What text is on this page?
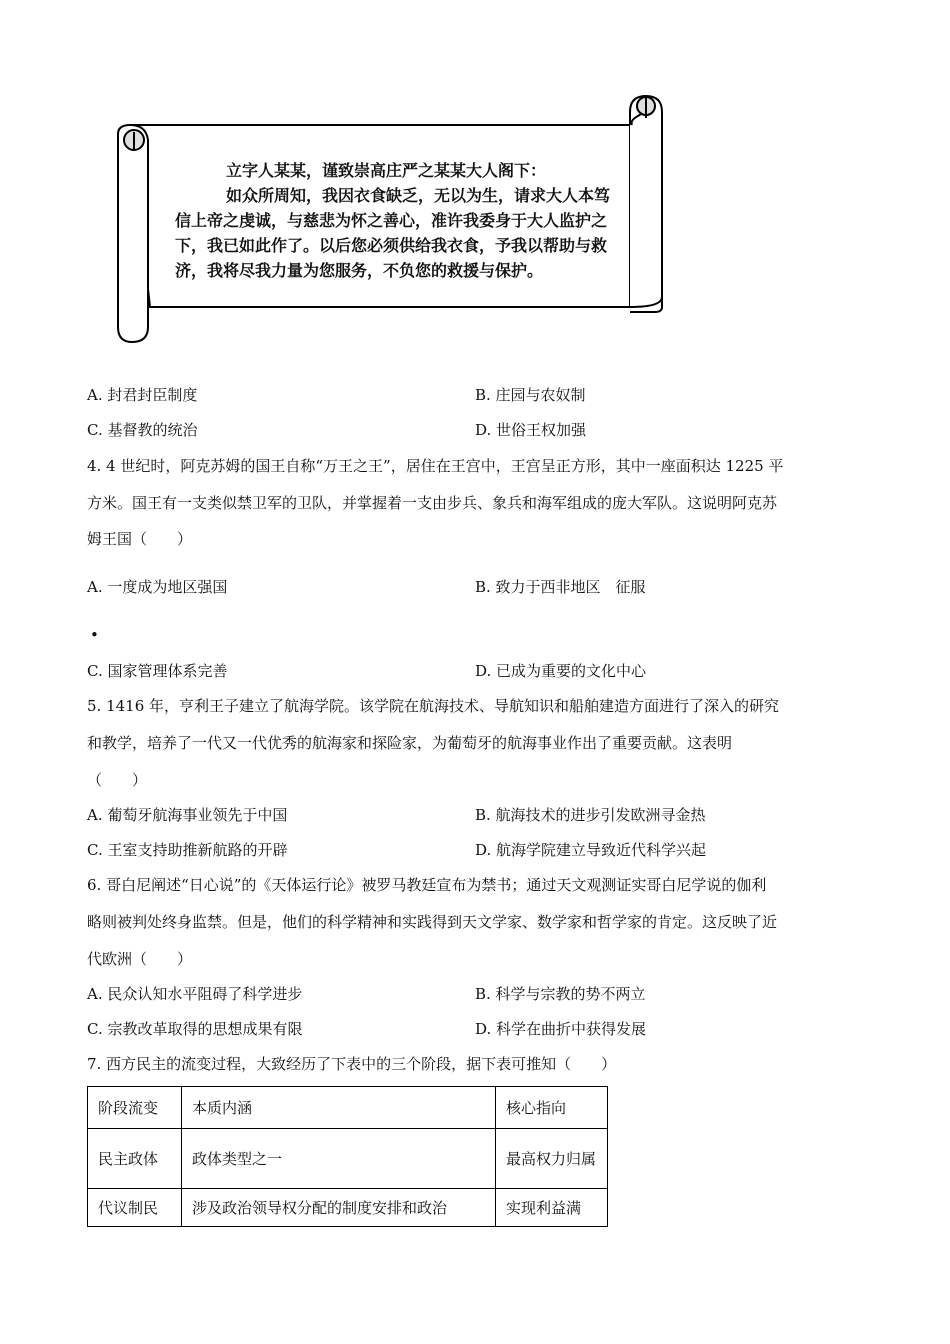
立字人某某，谨致崇高庄严之某某大人阁下：
如众所周知，我因衣食缺乏，无以为生，请求大人本笃
信上帝之虔诚，与慈悲为怀之善心，准许我委身于大人监护之
下，我已如此作了。以后您必须供给我衣食，予我以帮助与救
济，我将尽我力量为您服务，不负您的救援与保护。
A. 封君封臣制度	B. 庄园与农奴制
C. 基督教的统治	D. 世俗王权加强
4. 4 世纪时，阿克苏姆的国王自称“万王之王”，居住在王宫中，王宫呈正方形，其中一座面积达 1225 平
方米。国王有一支类似禁卫军的卫队，并掌握着一支由步兵、象兵和海军组成的庞大军队。这说明阿克苏
姆王国（　　）
A. 一度成为地区强国	B. 致力于西非地区　征服
•
C. 国家管理体系完善	D. 已成为重要的文化中心
5. 1416 年，亨利王子建立了航海学院。该学院在航海技术、导航知识和船舶建造方面进行了深入的研究
和教学，培养了一代又一代优秀的航海家和探险家，为葡萄牙的航海事业作出了重要贡献。这表明
（　　）
A. 葡萄牙航海事业领先于中国	B. 航海技术的进步引发欧洲寻金热
C. 王室支持助推新航路的开辟	D. 航海学院建立导致近代科学兴起
6. 哥白尼阐述“日心说”的《天体运行论》被罗马教廷宣布为禁书；通过天文观测证实哥白尼学说的伽利
略则被判处终身监禁。但是，他们的科学精神和实践得到天文学家、数学家和哲学家的肯定。这反映了近
代欧洲（　　）
A. 民众认知水平阻碍了科学进步	B. 科学与宗教的势不两立
C. 宗教改革取得的思想成果有限	D. 科学在曲折中获得发展
7. 西方民主的流变过程，大致经历了下表中的三个阶段，据下表可推知（　　）
阶段流变	本质内涵	核心指向
民主政体	政体类型之一	最高权力归属
代议制民	涉及政治领导权分配的制度安排和政治	实现利益满
